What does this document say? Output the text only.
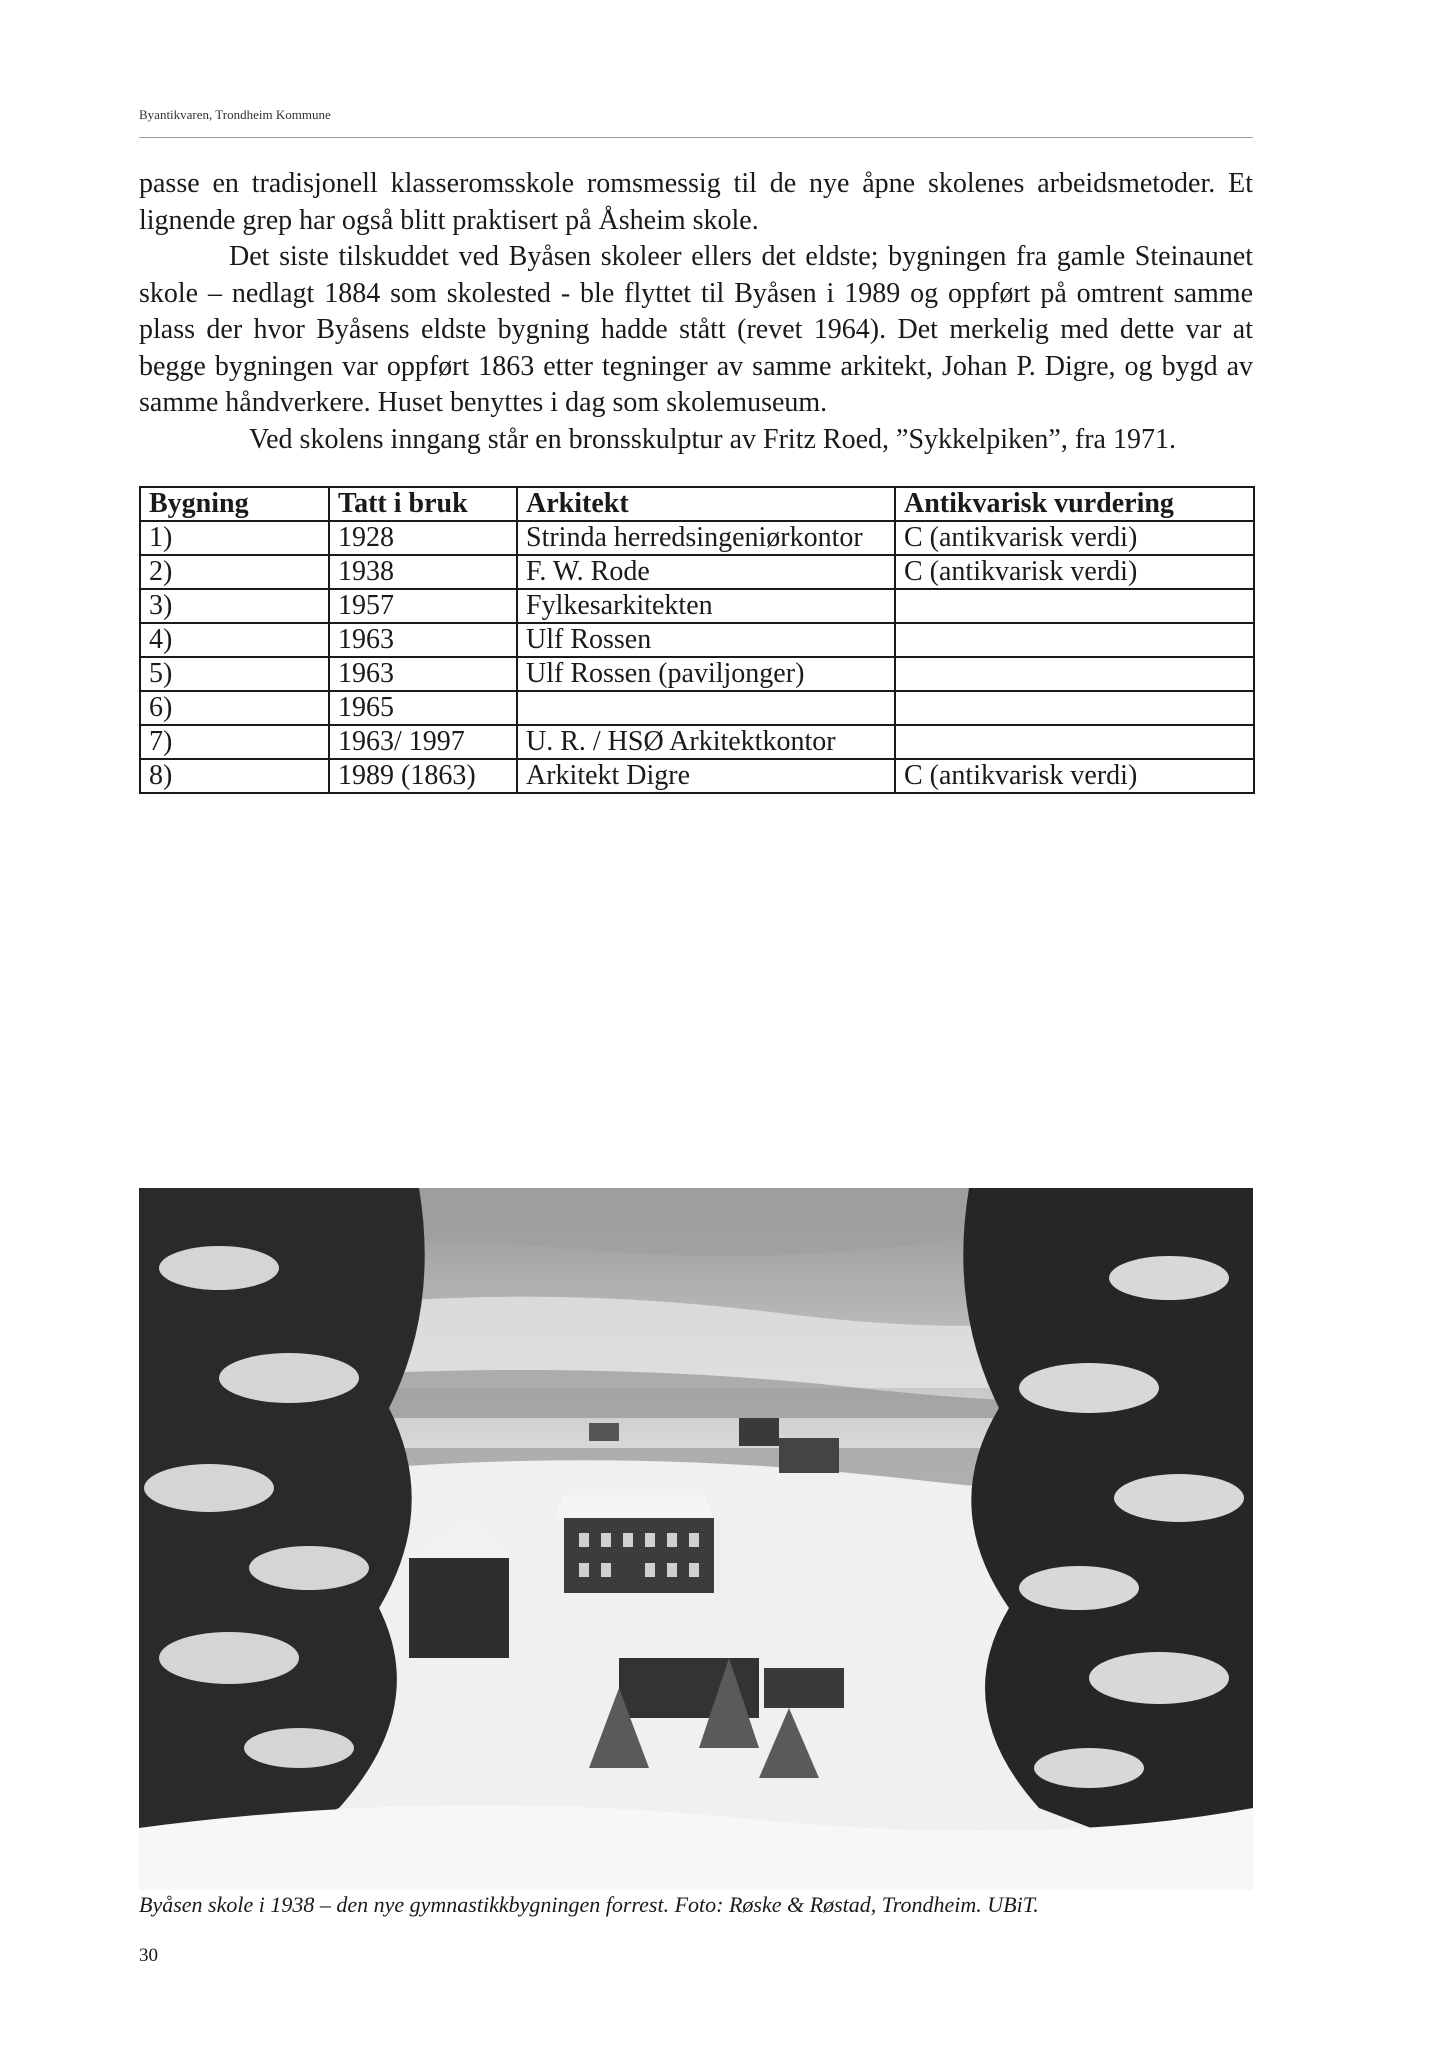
Byantikvaren, Trondheim Kommune

passe en tradisjonell klasseromsskole romsmessig til de nye åpne skolenes arbeidsmetoder. Et lignende grep har også blitt praktisert på Åsheim skole.

Det siste tilskuddet ved Byåsen skoleer ellers det eldste; bygningen fra gamle Steinaunet skole – nedlagt 1884 som skolested - ble flyttet til Byåsen i 1989 og oppført på omtrent samme plass der hvor Byåsens eldste bygning hadde stått (revet 1964). Det merkelig med dette var at begge bygningen var oppført 1863 etter tegninger av samme arkitekt, Johan P. Digre, og bygd av samme håndverkere. Huset benyttes i dag som skolemuseum.

Ved skolens inngang står en bronsskulptur av Fritz Roed, ”Sykkelpiken”, fra 1971.

Bygning	Tatt i bruk	Arkitekt	Antikvarisk vurdering
1)	1928	Strinda herredsingeniørkontor	C (antikvarisk verdi)
2)	1938	F. W. Rode	C (antikvarisk verdi)
3)	1957	Fylkesarkitekten	
4)	1963	Ulf Rossen	
5)	1963	Ulf Rossen (paviljonger)	
6)	1965		
7)	1963/ 1997	U. R. / HSØ Arkitektkontor	
8)	1989 (1863)	Arkitekt Digre	C (antikvarisk verdi)
Byåsen skole i 1938 – den nye gymnastikkbygningen forrest. Foto: Røske & Røstad, Trondheim. UBiT.
30
